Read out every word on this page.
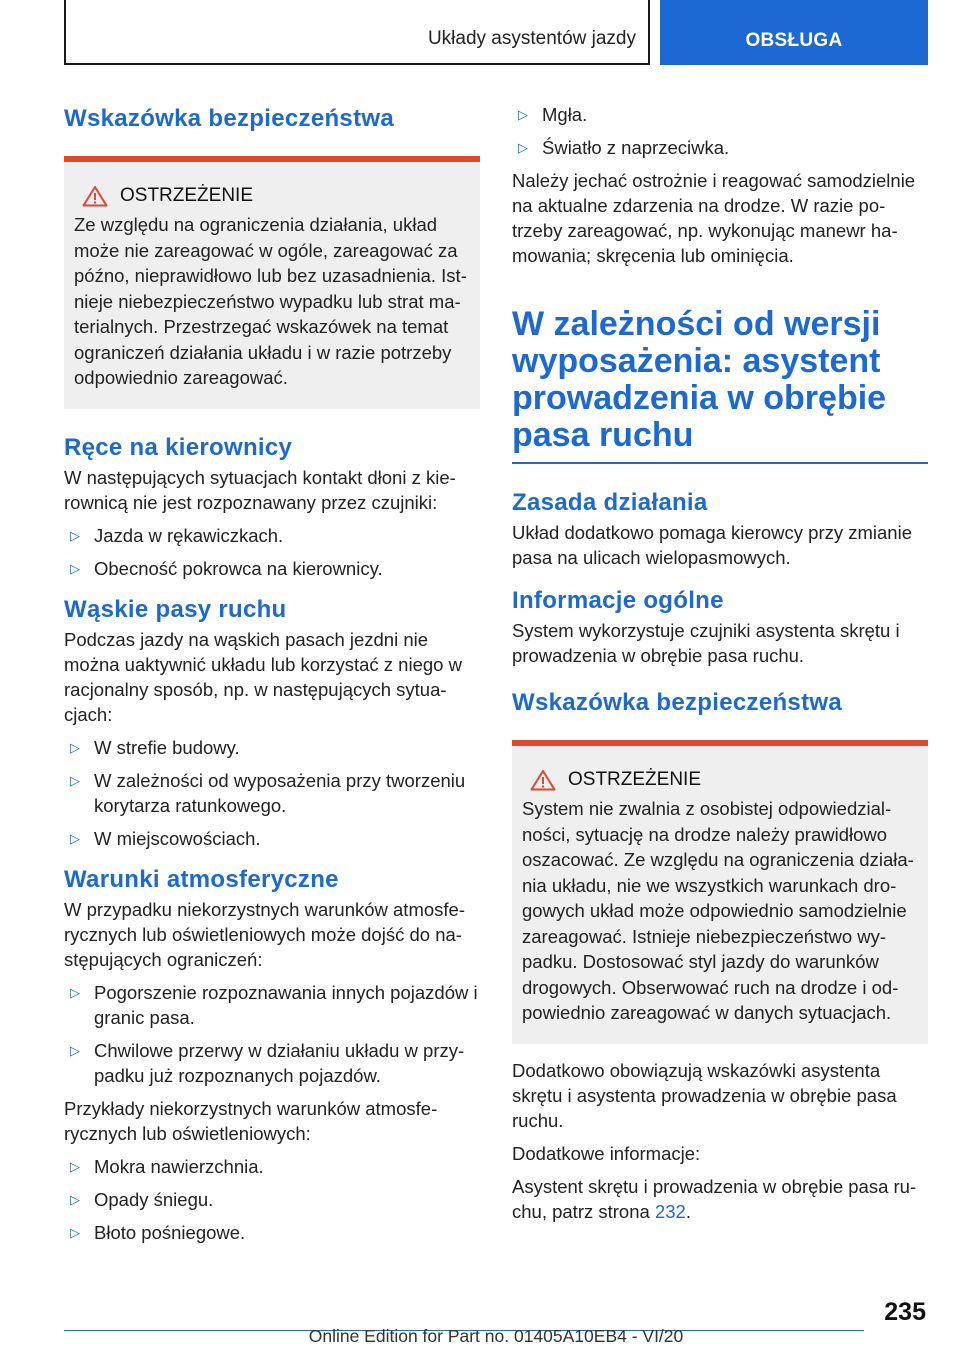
Układy asystentów jazdy	OBSŁUGA
Wskazówka bezpieczeństwa
OSTRZEŻENIE
Ze względu na ograniczenia działania, układ może nie zareagować w ogóle, zareagować za późno, nieprawidłowo lub bez uzasadnienia. Istnieje niebezpieczeństwo wypadku lub strat materialnych. Przestrzegać wskazówek na temat ograniczeń działania układu i w razie potrzeby odpowiednio zareagować.
Ręce na kierownicy
W następujących sytuacjach kontakt dłoni z kierownicą nie jest rozpoznawany przez czujniki:
▷ Jazda w rękawiczkach.
▷ Obecność pokrowca na kierownicy.
Wąskie pasy ruchu
Podczas jazdy na wąskich pasach jezdni nie można uaktywnić układu lub korzystać z niego w racjonalny sposób, np. w następujących sytuacjach:
▷ W strefie budowy.
▷ W zależności od wyposażenia przy tworzeniu korytarza ratunkowego.
▷ W miejscowościach.
Warunki atmosferyczne
W przypadku niekorzystnych warunków atmosferycznych lub oświetleniowych może dojść do następujących ograniczeń:
▷ Pogorszenie rozpoznawania innych pojazdów i granic pasa.
▷ Chwilowe przerwy w działaniu układu w przypadku już rozpoznanych pojazdów.
Przykłady niekorzystnych warunków atmosferycznych lub oświetleniowych:
▷ Mokra nawierzchnia.
▷ Opady śniegu.
▷ Błoto pośniegowe.
▷ Mgła.
▷ Światło z naprzeciwka.
Należy jechać ostrożnie i reagować samodzielnie na aktualne zdarzenia na drodze. W razie potrzeby zareagować, np. wykonując manewr hamowania; skręcenia lub ominięcia.
W zależności od wersji wyposażenia: asystent prowadzenia w obrębie pasa ruchu
Zasada działania
Układ dodatkowo pomaga kierowcy przy zmianie pasa na ulicach wielopasmowych.
Informacje ogólne
System wykorzystuje czujniki asystenta skrętu i prowadzenia w obrębie pasa ruchu.
Wskazówka bezpieczeństwa
OSTRZEŻENIE
System nie zwalnia z osobistej odpowiedzialności, sytuację na drodze należy prawidłowo oszacować. Ze względu na ograniczenia działania układu, nie we wszystkich warunkach drogowych układ może odpowiednio samodzielnie zareagować. Istnieje niebezpieczeństwo wypadku. Dostosować styl jazdy do warunków drogowych. Obserwować ruch na drodze i odpowiednio zareagować w danych sytuacjach.
Dodatkowo obowiązują wskazówki asystenta skrętu i asystenta prowadzenia w obrębie pasa ruchu.
Dodatkowe informacje:
Asystent skrętu i prowadzenia w obrębie pasa ruchu, patrz strona 232.
235
Online Edition for Part no. 01405A10EB4 - VI/20
